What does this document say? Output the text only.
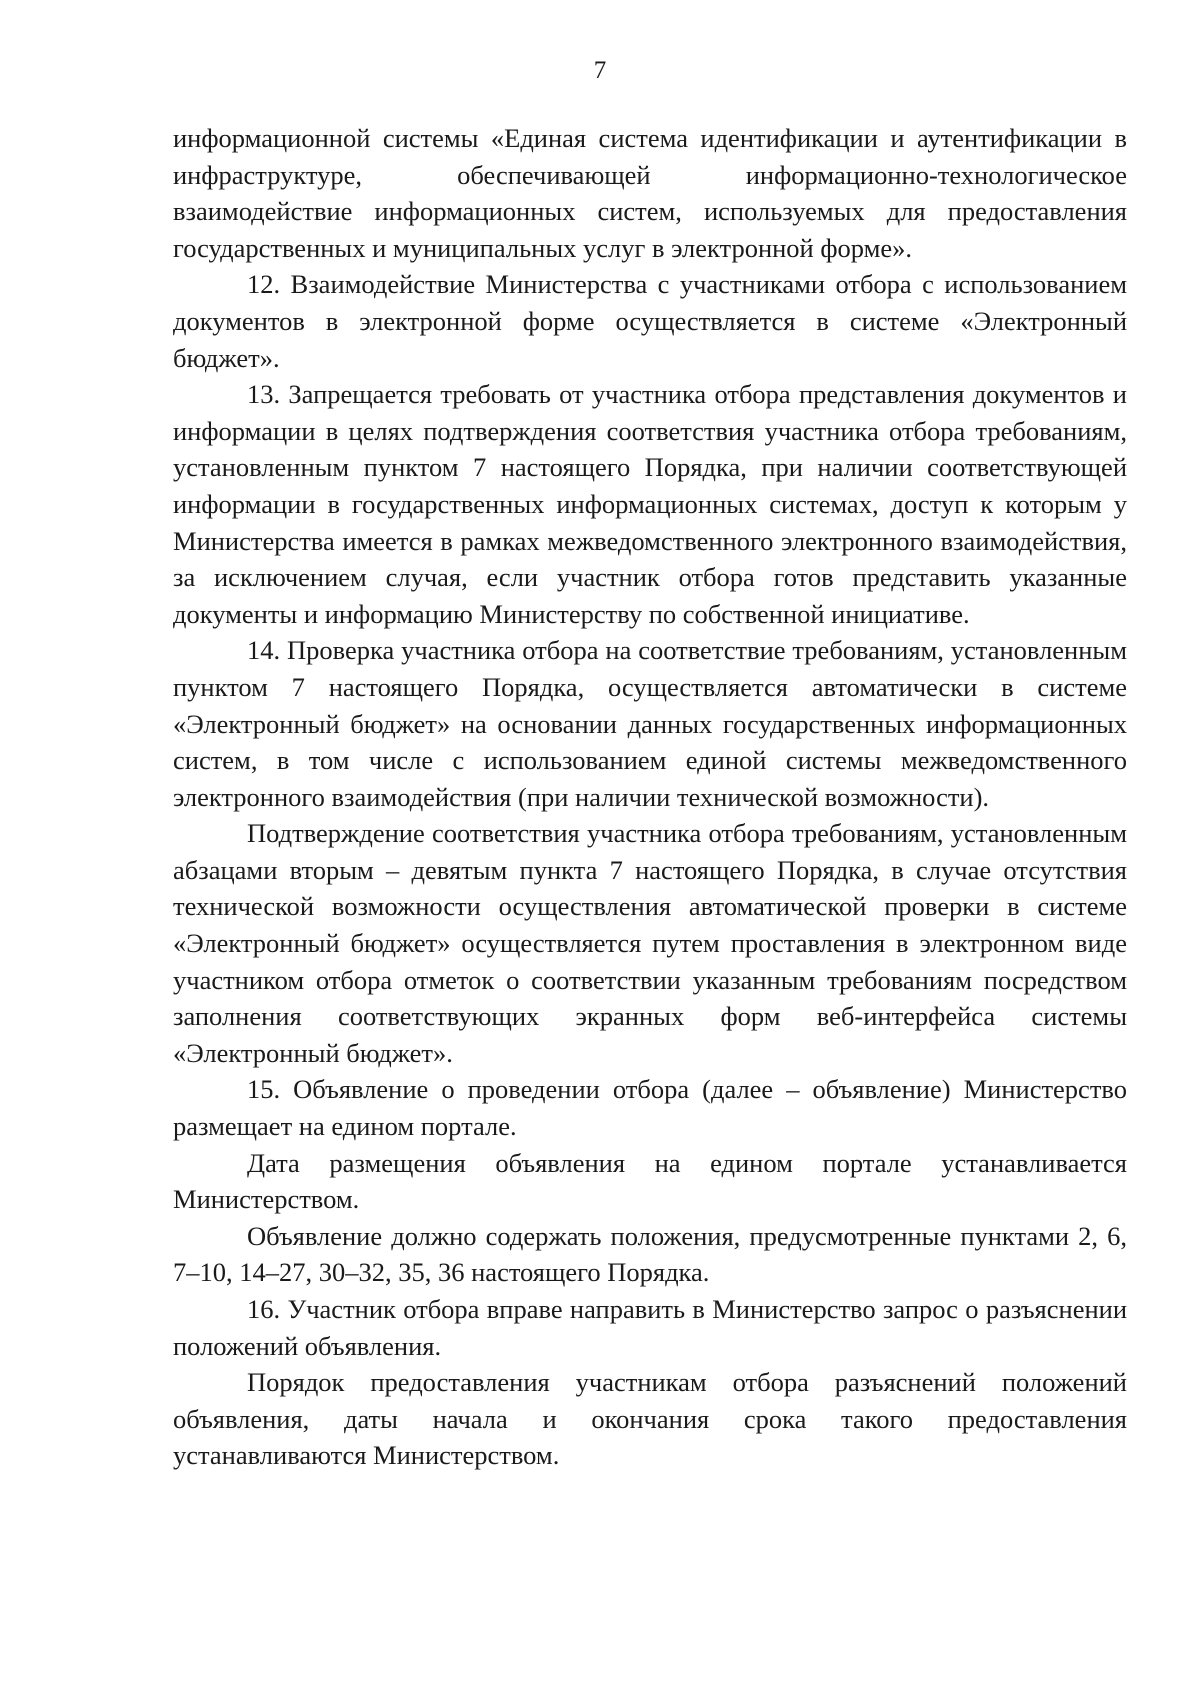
7

информационной системы «Единая система идентификации и аутентификации в инфраструктуре, обеспечивающей информационно-технологическое взаимодействие информационных систем, используемых для предоставления государственных и муниципальных услуг в электронной форме».

12. Взаимодействие Министерства с участниками отбора с использованием документов в электронной форме осуществляется в системе «Электронный бюджет».

13. Запрещается требовать от участника отбора представления документов и информации в целях подтверждения соответствия участника отбора требованиям, установленным пунктом 7 настоящего Порядка, при наличии соответствующей информации в государственных информационных системах, доступ к которым у Министерства имеется в рамках межведомственного электронного взаимодействия, за исключением случая, если участник отбора готов представить указанные документы и информацию Министерству по собственной инициативе.

14. Проверка участника отбора на соответствие требованиям, установленным пунктом 7 настоящего Порядка, осуществляется автоматически в системе «Электронный бюджет» на основании данных государственных информационных систем, в том числе с использованием единой системы межведомственного электронного взаимодействия (при наличии технической возможности).

Подтверждение соответствия участника отбора требованиям, установленным абзацами вторым – девятым пункта 7 настоящего Порядка, в случае отсутствия технической возможности осуществления автоматической проверки в системе «Электронный бюджет» осуществляется путем проставления в электронном виде участником отбора отметок о соответствии указанным требованиям посредством заполнения соответствующих экранных форм веб-интерфейса системы «Электронный бюджет».

15. Объявление о проведении отбора (далее – объявление) Министерство размещает на едином портале.

Дата размещения объявления на едином портале устанавливается Министерством.

Объявление должно содержать положения, предусмотренные пунктами 2, 6, 7–10, 14–27, 30–32, 35, 36 настоящего Порядка.

16. Участник отбора вправе направить в Министерство запрос о разъяснении положений объявления.

Порядок предоставления участникам отбора разъяснений положений объявления, даты начала и окончания срока такого предоставления устанавливаются Министерством.
